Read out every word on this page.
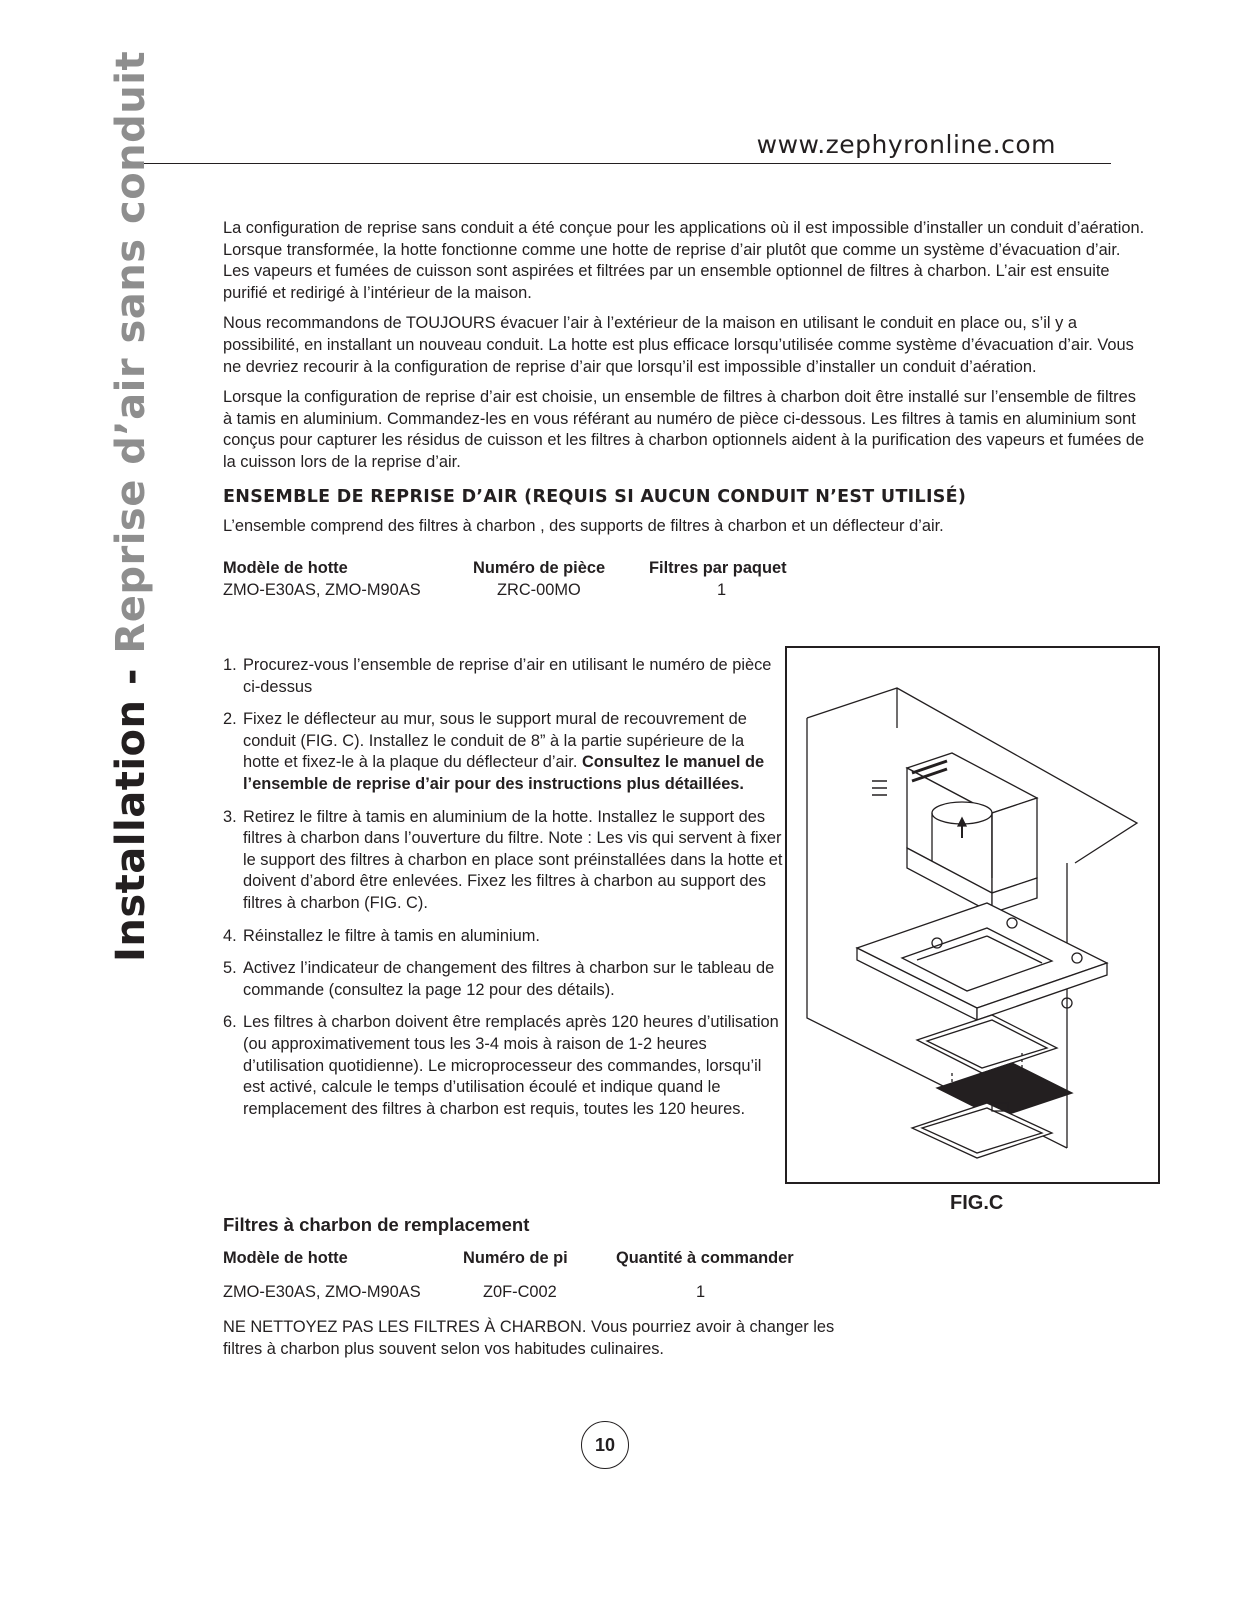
www.zephyronline.com
Installation - Reprise d’air sans conduit	La configuration de reprise sans conduit a été conçue pour les applications où il est impossible d’installer un conduit d’aération. Lorsque transformée, la hotte fonctionne comme une hotte de reprise d’air plutôt que comme un système d’évacuation d’air. Les vapeurs et fumées de cuisson sont aspirées et filtrées par un ensemble optionnel de filtres à charbon. L’air est ensuite purifié et redirigé à l’intérieur de la maison.

Nous recommandons de TOUJOURS évacuer l’air à l’extérieur de la maison en utilisant le conduit en place ou, s’il y a possibilité, en installant un nouveau conduit. La hotte est plus efficace lorsqu’utilisée comme système d’évacuation d’air. Vous ne devriez recourir à la configuration de reprise d’air que lorsqu’il est impossible d’installer un conduit d’aération.

Lorsque la configuration de reprise d’air est choisie, un ensemble de filtres à charbon doit être installé sur l’ensemble de filtres à tamis en aluminium. Commandez-les en vous référant au numéro de pièce ci-dessous. Les filtres à tamis en aluminium sont conçus pour capturer les résidus de cuisson et les filtres à charbon optionnels aident à la purification des vapeurs et fumées de la cuisson lors de la reprise d’air.

ENSEMBLE DE REPRISE D’AIR (REQUIS SI AUCUN CONDUIT N’EST UTILISÉ)

L’ensemble comprend des filtres à charbon , des supports de filtres à charbon et un déflecteur d’air.

Modèle de hotte	Numéro de pièce	Filtres par paquet
ZMO-E30AS, ZMO-M90AS	ZRC-00MO	1
1. Procurez-vous l’ensemble de reprise d’air en utilisant le numéro de pièce ci-dessus
2. Fixez le déflecteur au mur, sous le support mural de recouvrement de conduit (FIG. C). Installez le conduit de 8” à la partie supérieure de la hotte et fixez-le à la plaque du déflecteur d’air. Consultez le manuel de l’ensemble de reprise d’air pour des instructions plus détaillées.
3. Retirez le filtre à tamis en aluminium de la hotte. Installez le support des filtres à charbon dans l’ouverture du filtre. Note : Les vis qui servent à fixer le support des filtres à charbon en place sont préinstallées dans la hotte et doivent d’abord être enlevées. Fixez les filtres à charbon au support des filtres à charbon (FIG. C).
4. Réinstallez le filtre à tamis en aluminium.
5. Activez l’indicateur de changement des filtres à charbon sur le tableau de commande (consultez la page 12 pour des détails).
6. Les filtres à charbon doivent être remplacés après 120 heures d’utilisation (ou approximativement tous les 3-4 mois à raison de 1-2 heures d’utilisation quotidienne). Le microprocesseur des commandes, lorsqu’il est activé, calcule le temps d’utilisation écoulé et indique quand le remplacement des filtres à charbon est requis, toutes les 120 heures.
FIG.C
Filtres à charbon de remplacement
Modèle de hotte	Numéro de pi	Quantité à commander
ZMO-E30AS, ZMO-M90AS	Z0F-C002	1

NE NETTOYEZ PAS LES FILTRES À CHARBON. Vous pourriez avoir à changer les filtres à charbon plus souvent selon vos habitudes culinaires.

10
